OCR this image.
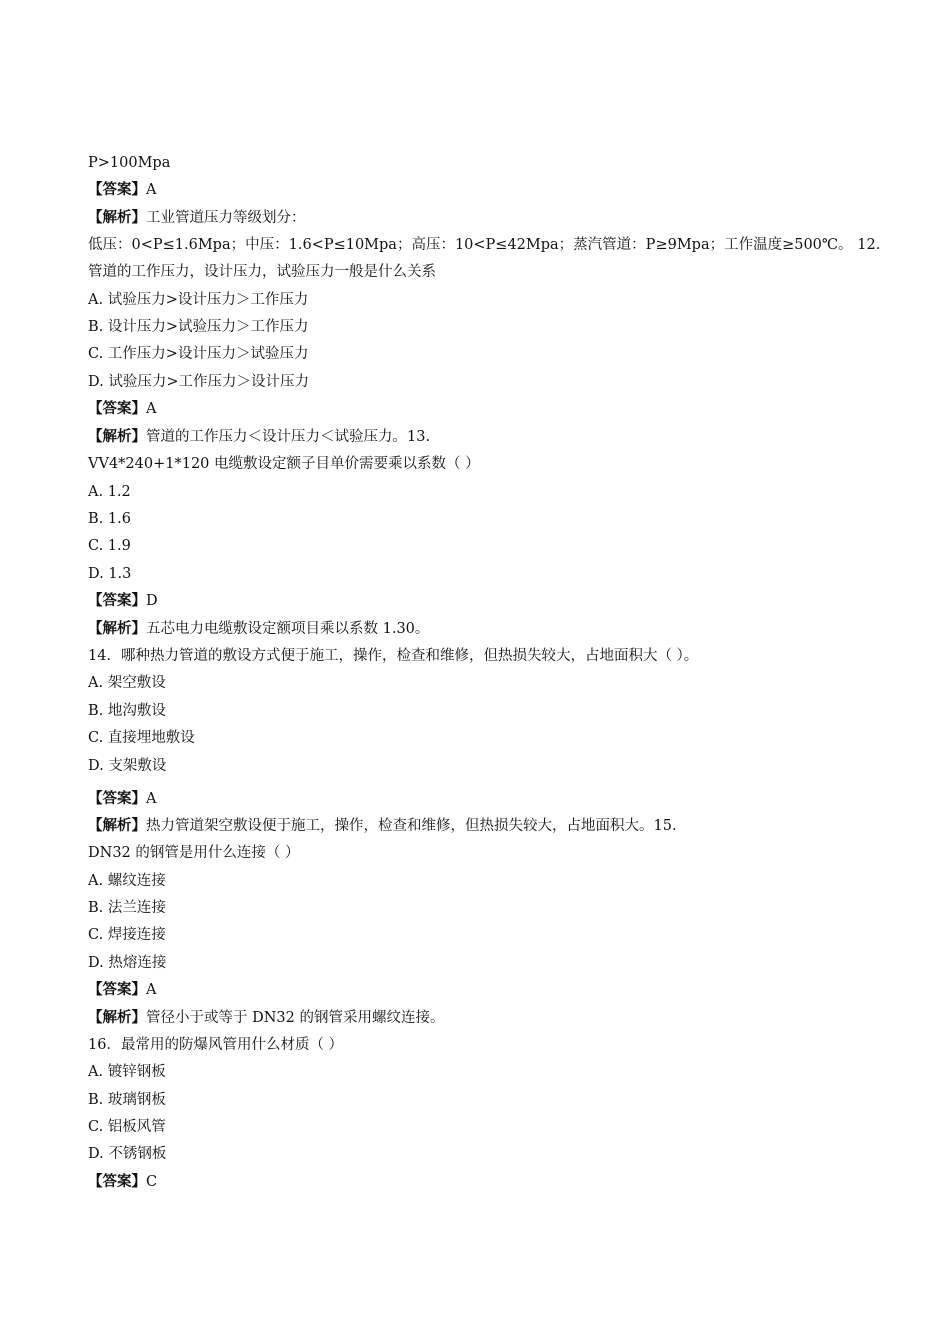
P>100Mpa
【答案】A
【解析】工业管道压力等级划分：
低压：0<P≤1.6Mpa；中压：1.6<P≤10Mpa；高压：10<P≤42Mpa；蒸汽管道：P≥9Mpa；工作温度≥500℃。 12.
管道的工作压力，设计压力，试验压力一般是什么关系
A. 试验压力>设计压力＞工作压力
B. 设计压力>试验压力＞工作压力
C. 工作压力>设计压力＞试验压力
D. 试验压力>工作压力＞设计压力
【答案】A
【解析】管道的工作压力＜设计压力＜试验压力。13.
VV4*240+1*120 电缆敷设定额子目单价需要乘以系数（ ）
A. 1.2
B. 1.6
C. 1.9
D. 1.3
【答案】D
【解析】五芯电力电缆敷设定额项目乘以系数 1.30。
14．哪种热力管道的敷设方式便于施工，操作，检查和维修，但热损失较大，占地面积大（ ）。
A. 架空敷设
B. 地沟敷设
C. 直接埋地敷设
D. 支架敷设
【答案】A
【解析】热力管道架空敷设便于施工，操作，检查和维修，但热损失较大，占地面积大。15.
DN32 的钢管是用什么连接（ ）
A. 螺纹连接
B. 法兰连接
C. 焊接连接
D. 热熔连接
【答案】A
【解析】管径小于或等于 DN32 的钢管采用螺纹连接。
16．最常用的防爆风管用什么材质（ ）
A. 镀锌钢板
B. 玻璃钢板
C. 铝板风管
D. 不锈钢板
【答案】C
